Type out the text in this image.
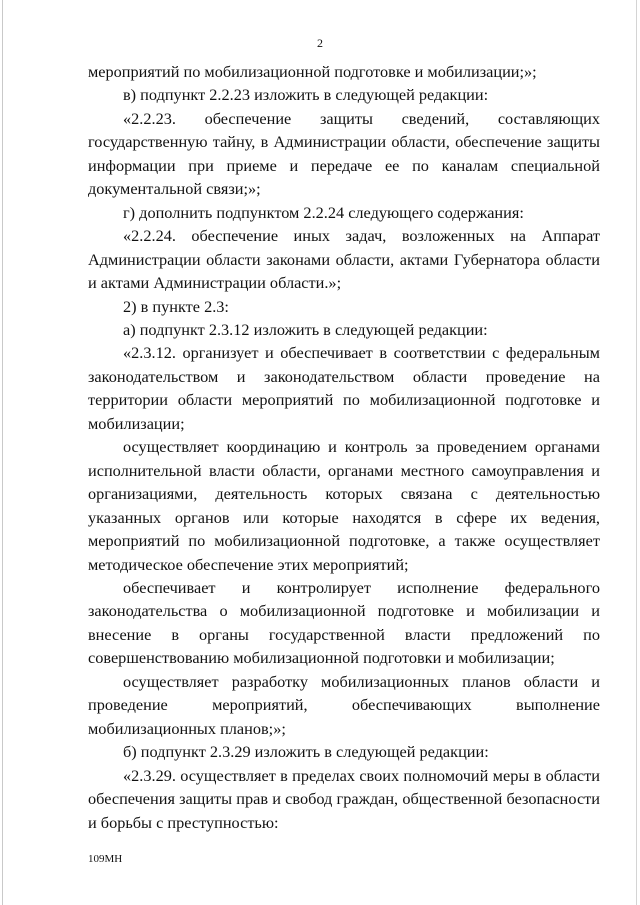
2

мероприятий по мобилизационной подготовке и мобилизации;»;

в) подпункт 2.2.23 изложить в следующей редакции:

«2.2.23. обеспечение защиты сведений, составляющих государственную тайну, в Администрации области, обеспечение защиты информации при приеме и передаче ее по каналам специальной документальной связи;»;

г) дополнить подпунктом 2.2.24 следующего содержания:

«2.2.24. обеспечение иных задач, возложенных на Аппарат Администрации области законами области, актами Губернатора области и актами Администрации области.»;

2) в пункте 2.3:

а) подпункт 2.3.12 изложить в следующей редакции:

«2.3.12. организует и обеспечивает в соответствии с федеральным законодательством и законодательством области проведение на территории области мероприятий по мобилизационной подготовке и мобилизации;

осуществляет координацию и контроль за проведением органами исполнительной власти области, органами местного самоуправления и организациями, деятельность которых связана с деятельностью указанных органов или которые находятся в сфере их ведения, мероприятий по мобилизационной подготовке, а также осуществляет методическое обеспечение этих мероприятий;

обеспечивает и контролирует исполнение федерального законодательства о мобилизационной подготовке и мобилизации и внесение в органы государственной власти предложений по совершенствованию мобилизационной подготовки и мобилизации;

осуществляет разработку мобилизационных планов области и проведение мероприятий, обеспечивающих выполнение мобилизационных планов;»;

б) подпункт 2.3.29 изложить в следующей редакции:

«2.3.29. осуществляет в пределах своих полномочий меры в области обеспечения защиты прав и свобод граждан, общественной безопасности и борьбы с преступностью:

109МН
